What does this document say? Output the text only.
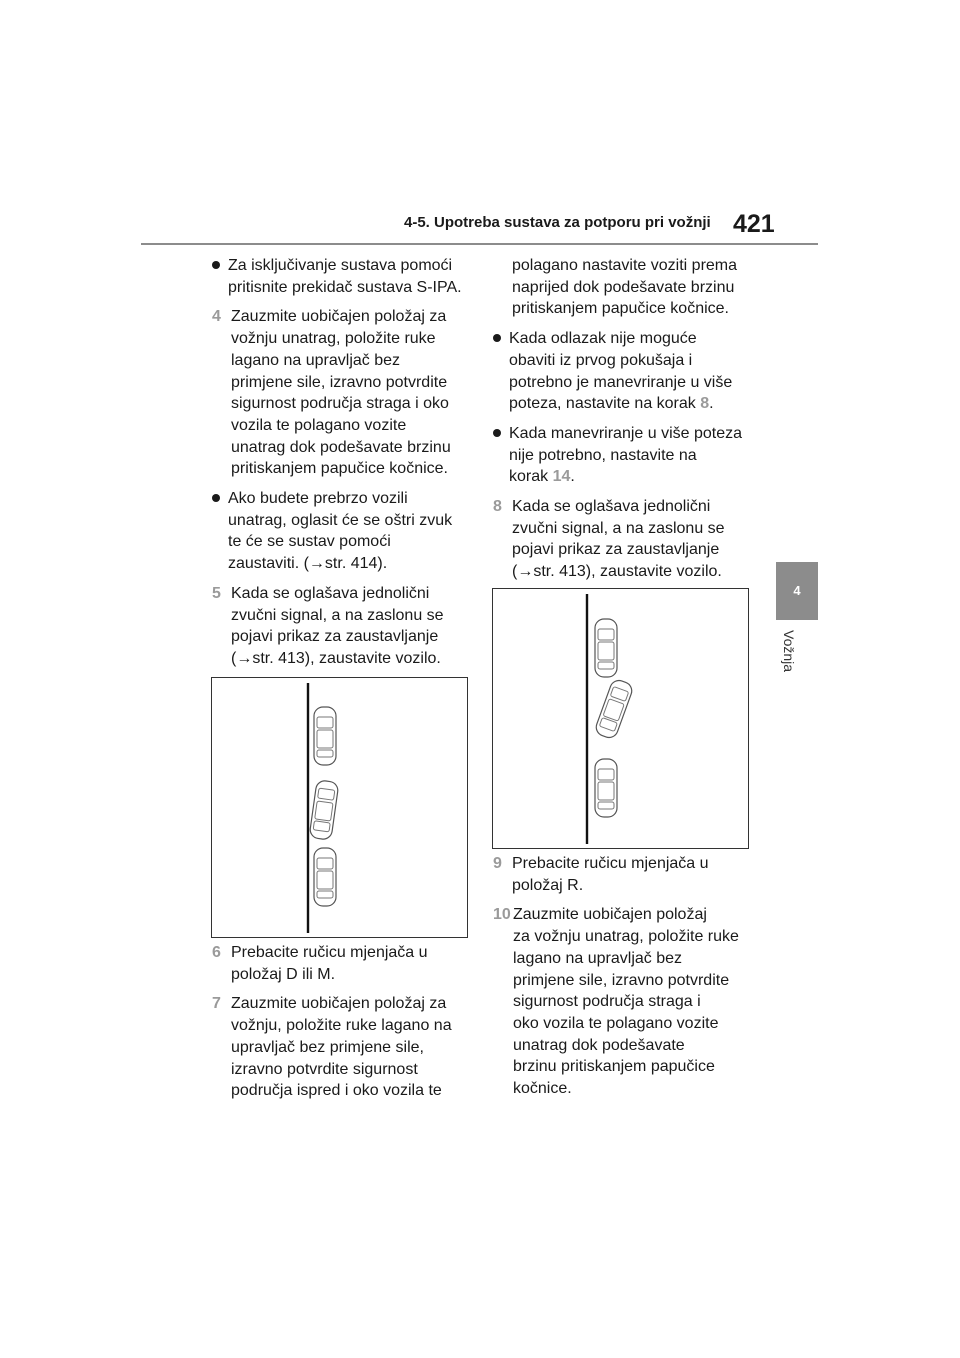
4-5. Upotreba sustava za potporu pri vožnji 421
4
Vožnja
Za isključivanje sustava pomoći
pritisnite prekidač sustava S-IPA.
4 Zauzmite uobičajen položaj za
vožnju unatrag, položite ruke
lagano na upravljač bez
primjene sile, izravno potvrdite
sigurnost područja straga i oko
vozila te polagano vozite
unatrag dok podešavate brzinu
pritiskanjem papučice kočnice.
Ako budete prebrzo vozili
unatrag, oglasit će se oštri zvuk
te će se sustav pomoći
zaustaviti. (→str. 414).
5 Kada se oglašava jednolični
zvučni signal, a na zaslonu se
pojavi prikaz za zaustavljanje
(→str. 413), zaustavite vozilo.
6 Prebacite ručicu mjenjača u
položaj D ili M.
7 Zauzmite uobičajen položaj za
vožnju, položite ruke lagano na
upravljač bez primjene sile,
izravno potvrdite sigurnost
područja ispred i oko vozila te
polagano nastavite voziti prema
naprijed dok podešavate brzinu
pritiskanjem papučice kočnice.
Kada odlazak nije moguće
obaviti iz prvog pokušaja i
potrebno je manevriranje u više
poteza, nastavite na korak 8.
Kada manevriranje u više poteza
nije potrebno, nastavite na
korak 14.
8 Kada se oglašava jednolični
zvučni signal, a na zaslonu se
pojavi prikaz za zaustavljanje
(→str. 413), zaustavite vozilo.
9 Prebacite ručicu mjenjača u
položaj R.
10 Zauzmite uobičajen položaj
za vožnju unatrag, položite ruke
lagano na upravljač bez
primjene sile, izravno potvrdite
sigurnost područja straga i
oko vozila te polagano vozite
unatrag dok podešavate
brzinu pritiskanjem papučice
kočnice.
